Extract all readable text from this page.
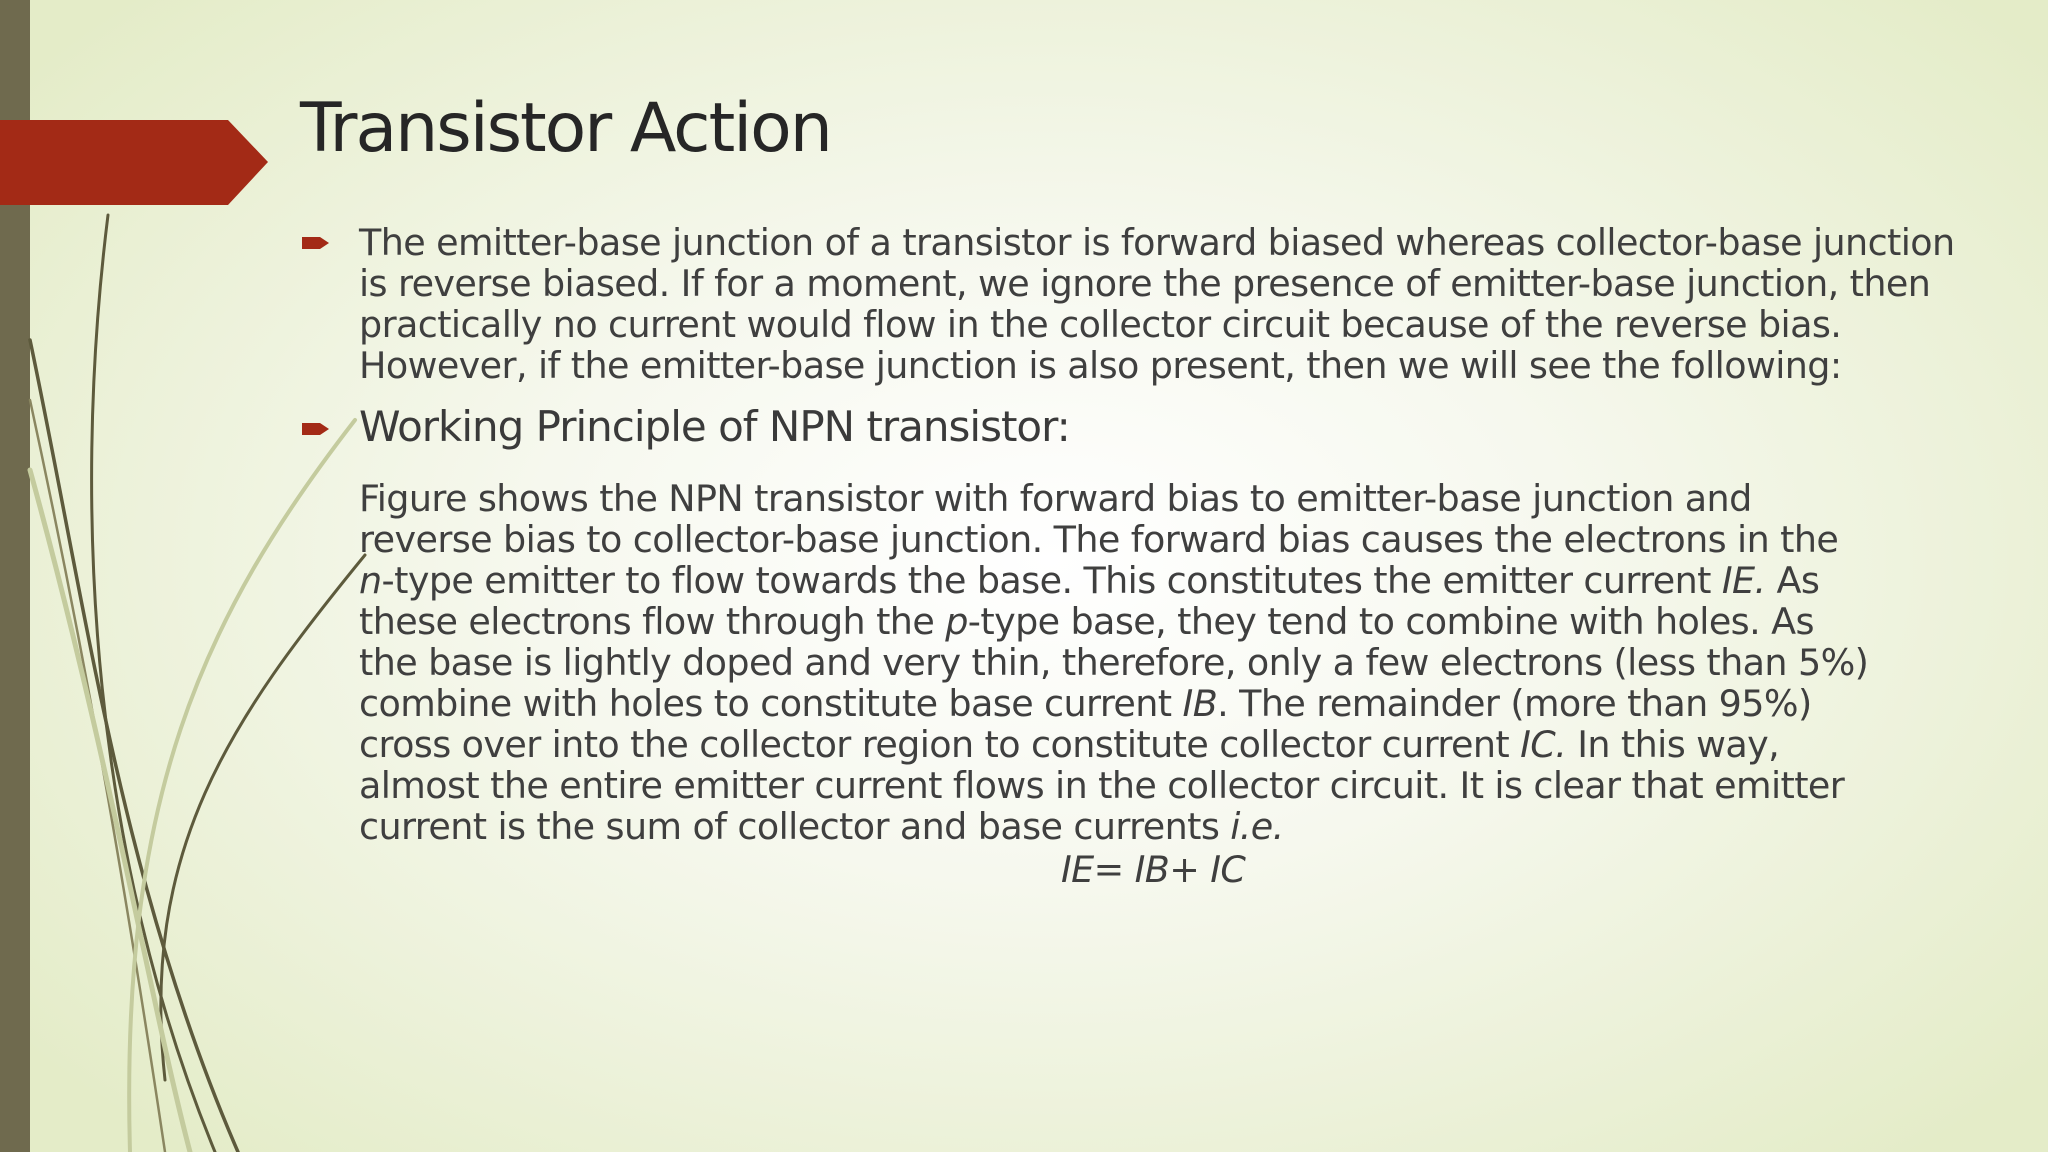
Transistor Action
The emitter-base junction of a transistor is forward biased whereas collector-base junction is reverse biased. If for a moment, we ignore the presence of emitter-base junction, then practically no current would flow in the collector circuit because of the reverse bias. However, if the emitter-base junction is also present, then we will see the following:
Working Principle of NPN transistor:
Figure shows the NPN transistor with forward bias to emitter-base junction and
reverse bias to collector-base junction. The forward bias causes the electrons in the
n-type emitter to flow towards the base. This constitutes the emitter current IE. As
these electrons flow through the p-type base, they tend to combine with holes. As
the base is lightly doped and very thin, therefore, only a few electrons (less than 5%)
combine with holes to constitute base current IB. The remainder (more than 95%)
cross over into the collector region to constitute collector current IC. In this way,
almost the entire emitter current flows in the collector circuit. It is clear that emitter
current is the sum of collector and base currents i.e.
IE= IB+ IC
